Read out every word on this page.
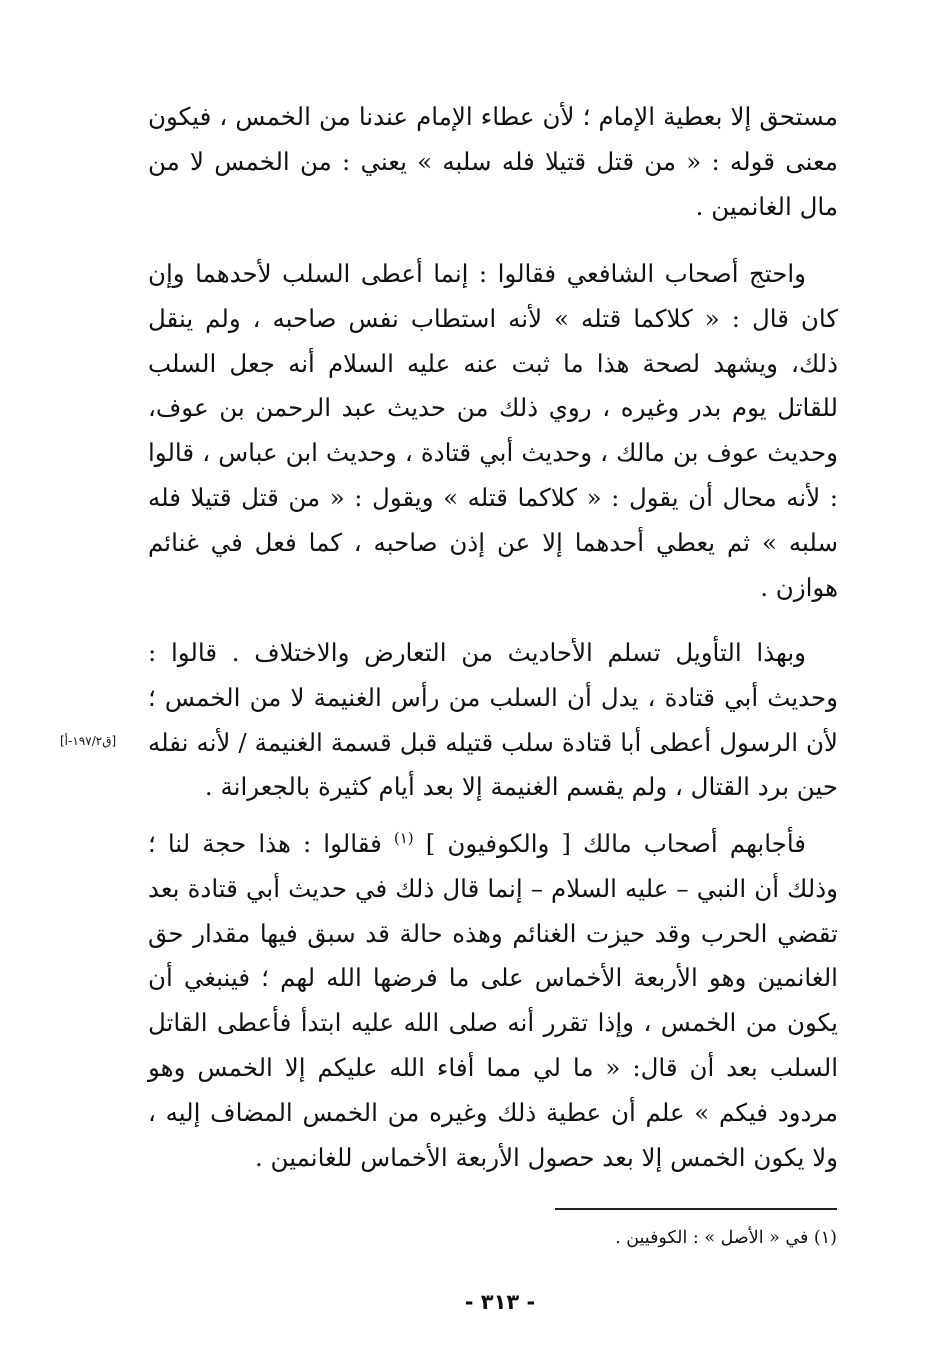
مستحق إلا بعطية الإمام ؛ لأن عطاء الإمام عندنا من الخمس ، فيكون معنى قوله : « من قتل قتيلا فله سلبه » يعني : من الخمس لا من مال الغانمين .

واحتج أصحاب الشافعي فقالوا : إنما أعطى السلب لأحدهما وإن كان قال : « كلاكما قتله » لأنه استطاب نفس صاحبه ، ولم ينقل ذلك، ويشهد لصحة هذا ما ثبت عنه عليه السلام أنه جعل السلب للقاتل يوم بدر وغيره ، روي ذلك من حديث عبد الرحمن بن عوف، وحديث عوف بن مالك ، وحديث أبي قتادة ، وحديث ابن عباس ، قالوا : لأنه محال أن يقول : « كلاكما قتله » ويقول : « من قتل قتيلا فله سلبه » ثم يعطي أحدهما إلا عن إذن صاحبه ، كما فعل في غنائم هوازن .

وبهذا التأويل تسلم الأحاديث من التعارض والاختلاف . قالوا : وحديث أبي قتادة ، يدل أن السلب من رأس الغنيمة لا من الخمس ؛ لأن الرسول أعطى أبا قتادة سلب قتيله قبل قسمة الغنيمة / لأنه نفله حين برد القتال ، ولم يقسم الغنيمة إلا بعد أيام كثيرة بالجعرانة .

[ق١٩٧/٢-أ]

فأجابهم أصحاب مالك [ والكوفيون ] $^{(١)}$ فقالوا : هذا حجة لنا ؛ وذلك أن النبي – عليه السلام – إنما قال ذلك في حديث أبي قتادة بعد تقضي الحرب وقد حيزت الغنائم وهذه حالة قد سبق فيها مقدار حق الغانمين وهو الأربعة الأخماس على ما فرضها الله لهم ؛ فينبغي أن يكون من الخمس ، وإذا تقرر أنه صلى الله عليه ابتدأ فأعطى القاتل السلب بعد أن قال: « ما لي مما أفاء الله عليكم إلا الخمس وهو مردود فيكم » علم أن عطية ذلك وغيره من الخمس المضاف إليه ، ولا يكون الخمس إلا بعد حصول الأربعة الأخماس للغانمين .

(١) في « الأصل » : الكوفيين .
- ٣١٣ -
